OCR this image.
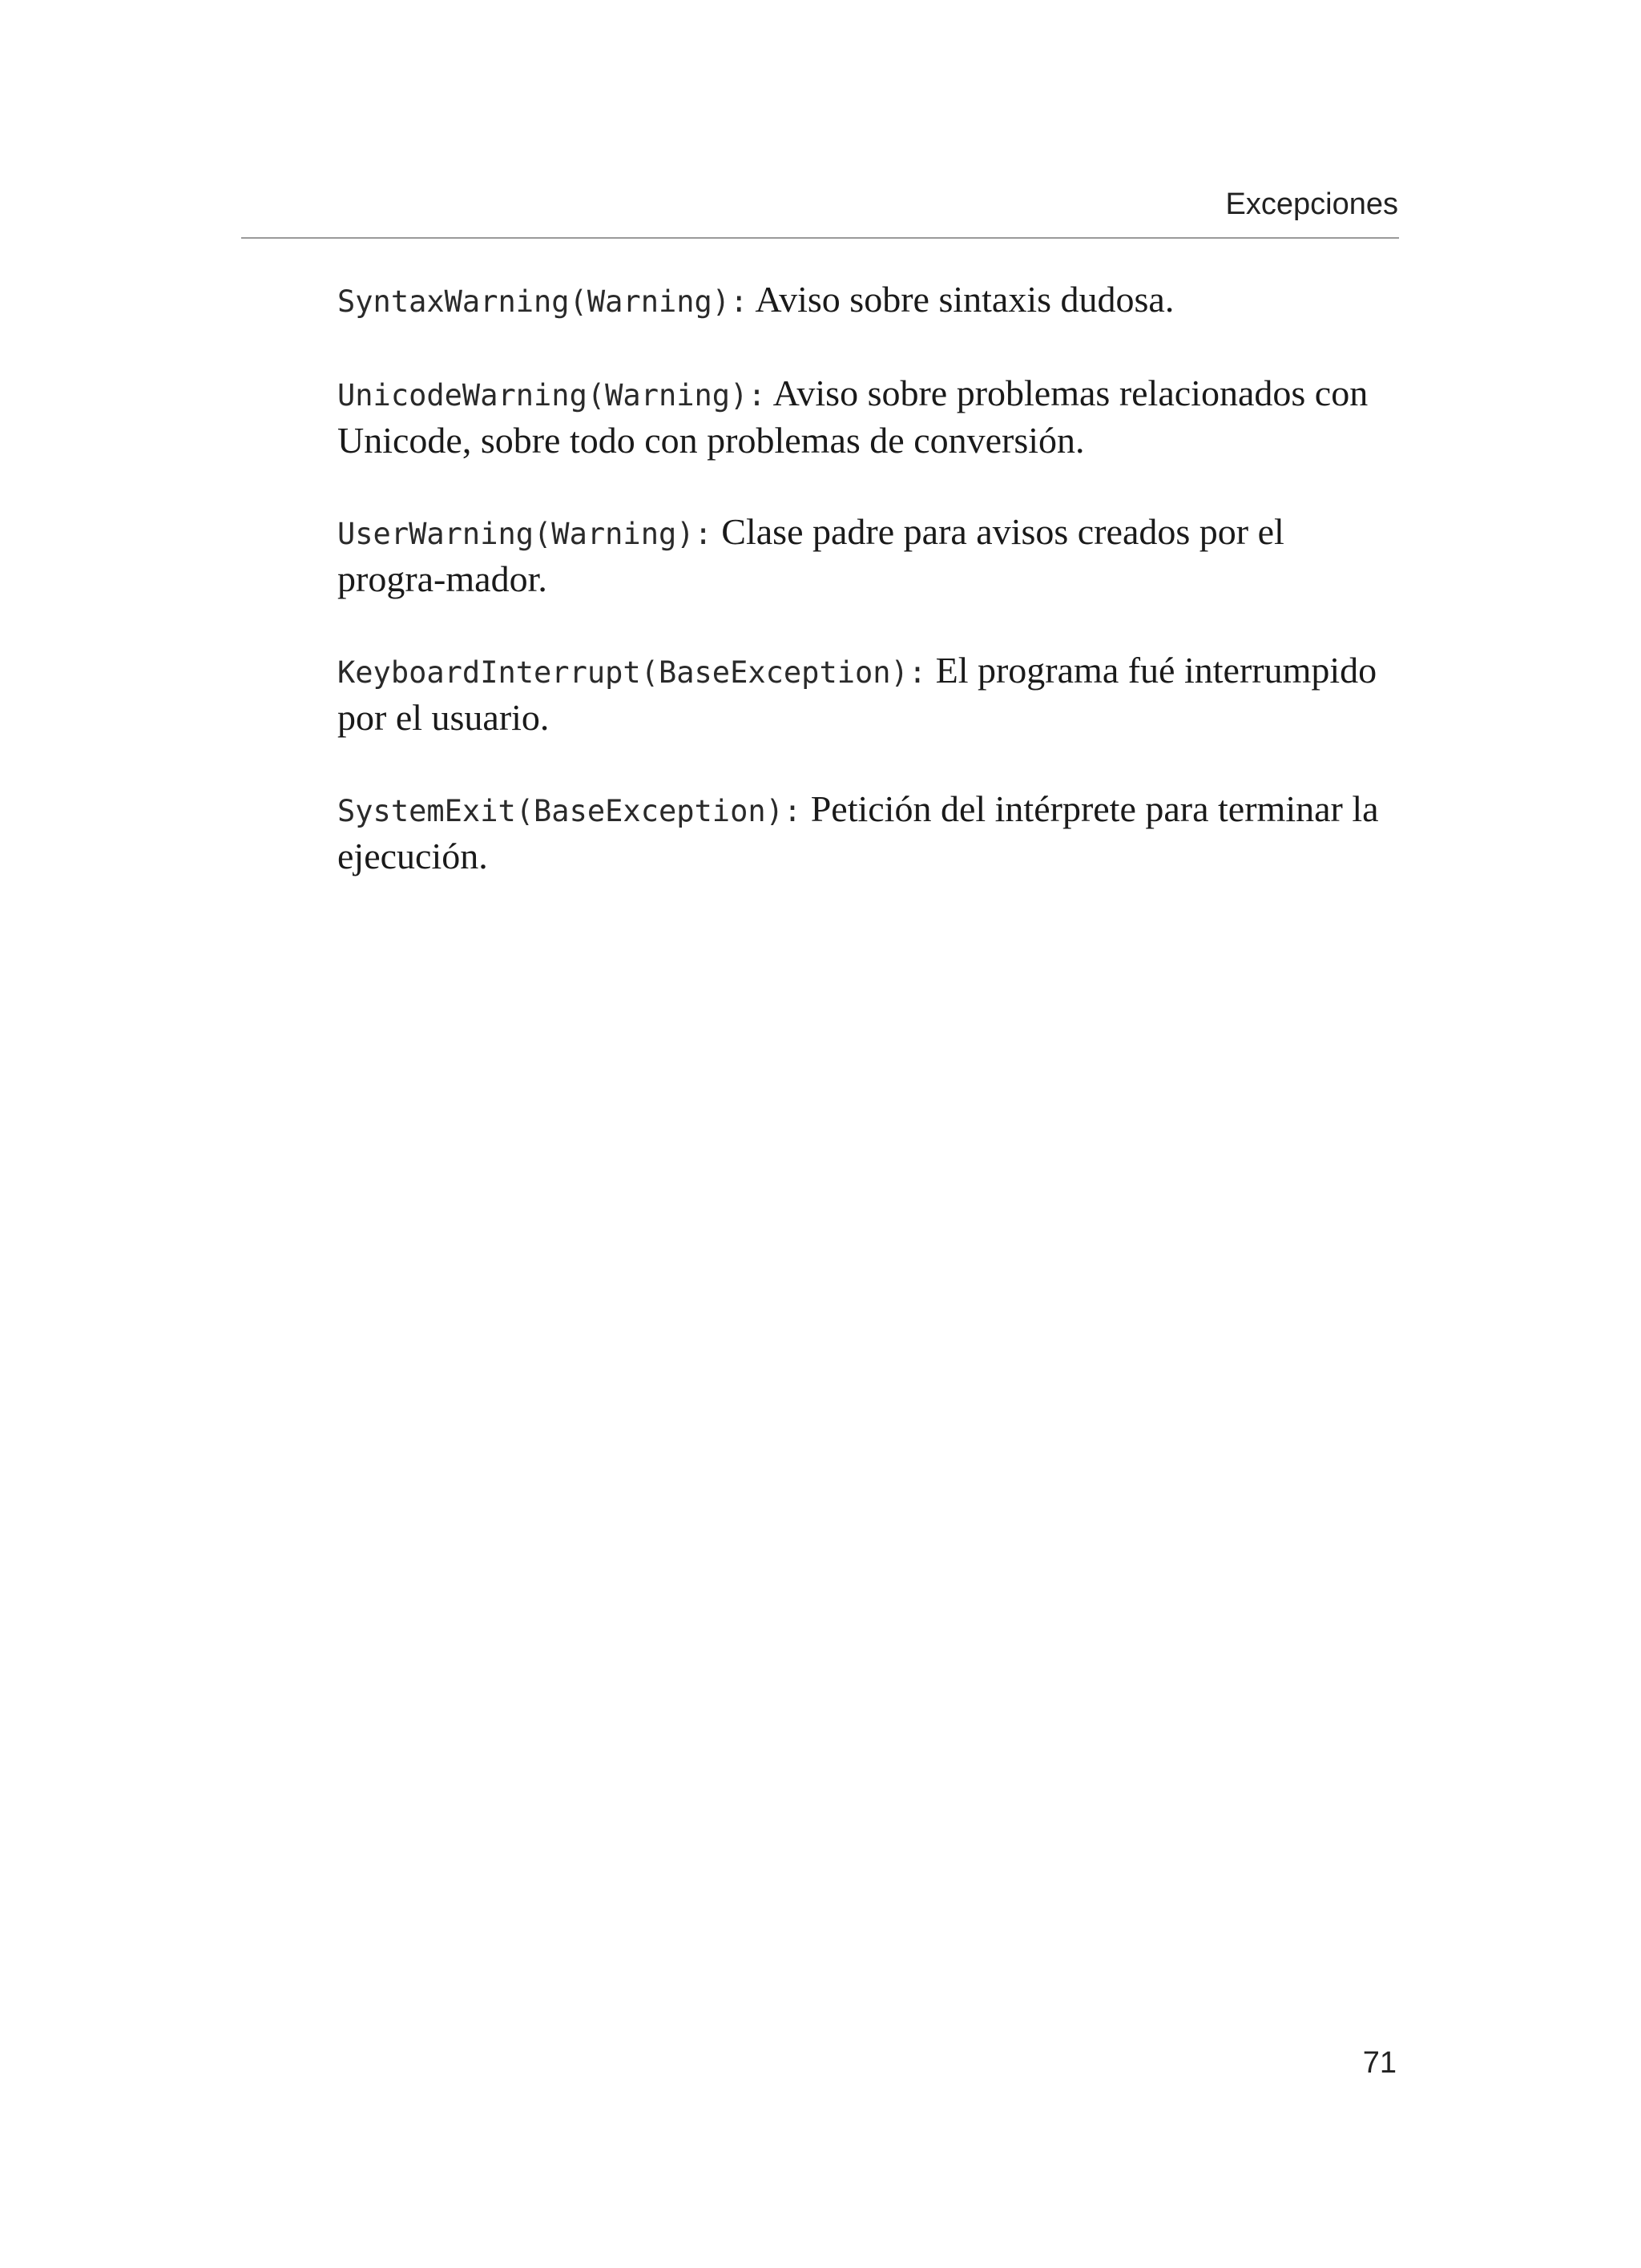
Excepciones

SyntaxWarning(Warning): Aviso sobre sintaxis dudosa.

UnicodeWarning(Warning): Aviso sobre problemas relacionados con Unicode, sobre todo con problemas de conversión.

UserWarning(Warning): Clase padre para avisos creados por el progra-mador.

KeyboardInterrupt(BaseException): El programa fué interrumpido por el usuario.

SystemExit(BaseException): Petición del intérprete para terminar la ejecución.

71
